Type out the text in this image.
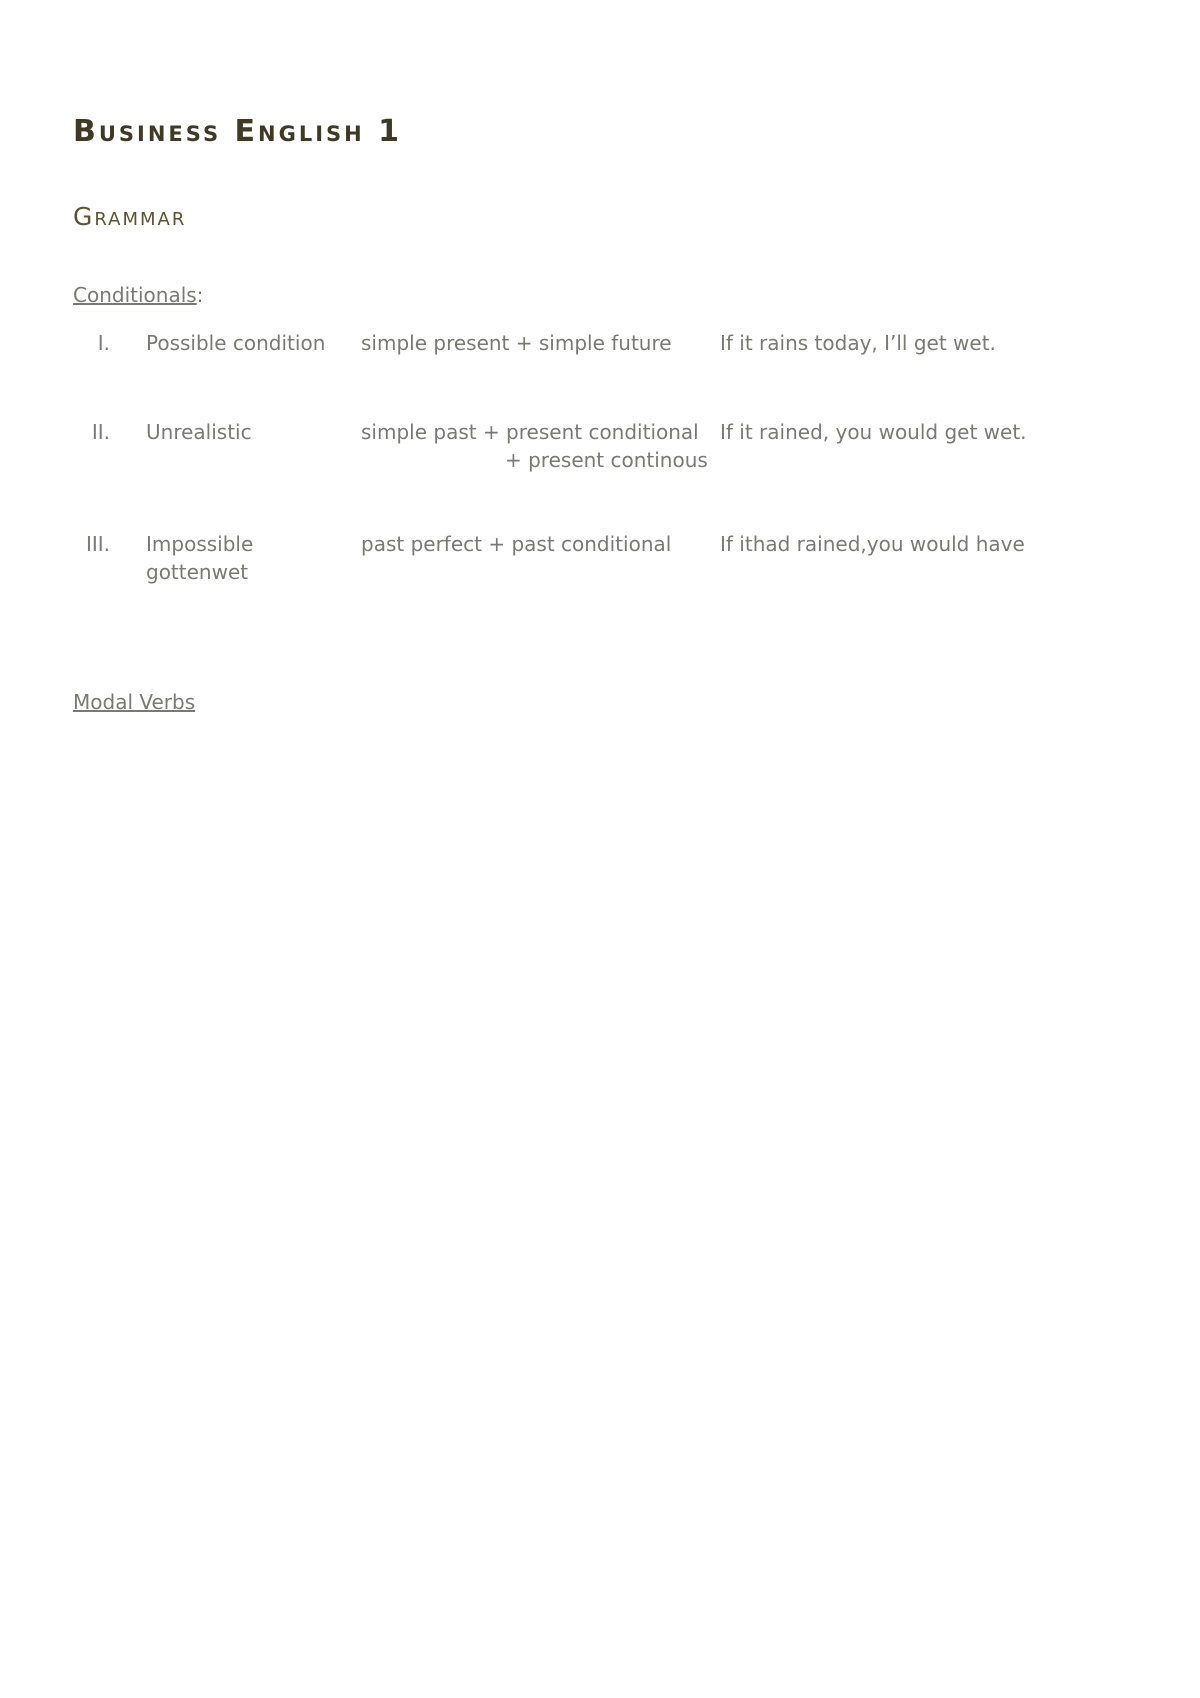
Business English 1
Grammar
Conditionals:
I. Possible condition simple present + simple future If it rains today, I’ll get wet.
II. Unrealistic	simple past + present conditional
+ present continous
If it rained, you would get wet.
III. Impossible
gottenwet
past perfect + past conditional If ithad rained,you would have
Modal Verbs
